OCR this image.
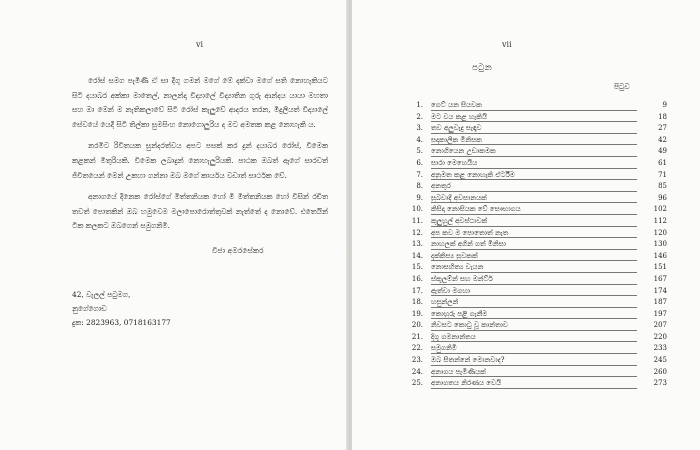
vi

රෝස් සමග පැමිණි ඒ සා දිගු ගමන් මගේ මේ දක්වා මගේ සති නොහැකියට සිටි දයාබර අක්කා මාතෙල්, නාලන්දා විද්‍යාලේ විද්‍යාතින ගුරු ආන්දය යායා මහතා සහ ඔා මෙන් ම නැතිකලාවේ සිටි රෝස් කැලුවේ ආදරය තරන, මිදුලියත් විද්‍යාලේ සේවයේ යෙදී සිටි තිල්කා සුමසිංහ නොගොලුරිය ද මට අමතක කළ නොහැකි ය.

නරමිට රිවිතයක සුන්දරත්වය අපට පසක් කර දුන් දයාබර රෝස්, විමෙක කළකන් මිතුරියකි. විමෙක ලබාදුන් නොහැලුරියකි. පාඨක ඔබත් ඇගේ සාරවත් ජිවිතයෙන් මෙන් උකහා ගන්නා ඔබ මගේ කාර්යය වඩාත් සාර්ථක වේ.

අනාගයේ දිනෙක රෝස්ගේ මිත්තනියක හෝ මී මිත්තනියක හෝ විසින් රචිත තවත් පොතකින් ඔබ හමුවෙම මලාපොරොත්තුවක් නැත්තේ ද නොවේ. එතෙයින් ටික කලකට ඔබගෙන් සමුගනිමි.

විජා අමරසේකර
42, වැලල් පටුමග,
නුගේගොඩ
දුක: 2823963, 0718163177
vii
පටුන
පිටුව
1. ගෙට් යන සියවක	9
2. මට වය කළ හැකියි	18
3. තව අලුවැදු සැඳෑව	27
4. සදාකාලික මිනිසක	42
5. නොගියෙන උඩාකමක	49
6. සාරා මෙහෙයිය	61
7. අනුමත කළ නොහැකි ඒර්ටීම	71
8. අනතුර	85
9. සුබවාදී අවසානයක්	96
10. කිසිදා නොසියක වේ සෞභාගය	102
11. කුලුහුල් අවස්ථාවක්	112
12. අප කව ම පොතොත් නැත	120
13. නාහලක් අගින් ගත් මිනිසා	130
14. දක්කිස්‍ය සුවකක්	146
15. නොසහිත්‍ය වැයන	151
16. ස්කූලම්න් සහ මන්ට්ර්	167
17. ඇත්වා මගහා	174
18. හසුන්ලන්	187
19. කොහුරු පළි ගැනීම	197
20. නිවසට කොටු වූ කාන්තාව	207
21. දිගු ගමනාන්තය	220
22. සමුගනිමි	233
23. ඔබ සිතන්නේ මොනවාද?	245
24. අනාගය පැමිණියක්	260
25. අනාගතය නිරණය වෙයි	273
